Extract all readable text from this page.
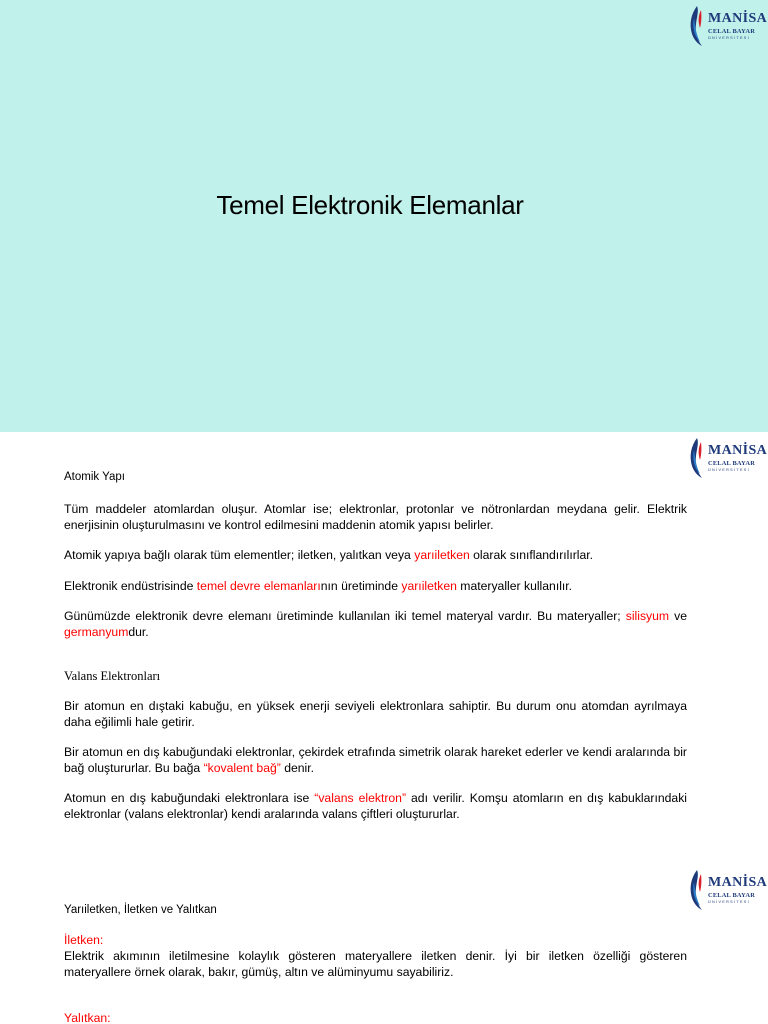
MANİSA
CELAL BAYAR
ÜNİVERSİTESİ
Temel Elektronik Elemanlar
MANİSA
CELAL BAYAR
ÜNİVERSİTESİ

Atomik Yapı

Tüm maddeler atomlardan oluşur. Atomlar ise; elektronlar, protonlar ve nötronlardan meydana gelir. Elektrik enerjisinin oluşturulmasını ve kontrol edilmesini maddenin atomik yapısı belirler.

Atomik yapıya bağlı olarak tüm elementler; iletken, yalıtkan veya yarıiletken olarak sınıflandırılırlar.

Elektronik endüstrisinde temel devre elemanlarının üretiminde yarıiletken materyaller kullanılır.

Günümüzde elektronik devre elemanı üretiminde kullanılan iki temel materyal vardır. Bu materyaller; silisyum ve germanyumdur.

Valans Elektronları

Bir atomun en dıştaki kabuğu, en yüksek enerji seviyeli elektronlara sahiptir. Bu durum onu atomdan ayrılmaya daha eğilimli hale getirir.

Bir atomun en dış kabuğundaki elektronlar, çekirdek etrafında simetrik olarak hareket ederler ve kendi aralarında bir bağ oluştururlar. Bu bağa “kovalent bağ” denir.

Atomun en dış kabuğundaki elektronlara ise “valans elektron” adı verilir. Komşu atomların en dış kabuklarındaki elektronlar (valans elektronlar) kendi aralarında valans çiftleri oluştururlar.

MANİSA
CELAL BAYAR
ÜNİVERSİTESİ

Yarıiletken, İletken ve Yalıtkan

İletken:

Elektrik akımının iletilmesine kolaylık gösteren materyallere iletken denir. İyi bir iletken özelliği gösteren materyallere örnek olarak, bakır, gümüş, altın ve alüminyumu sayabiliriz.

Yalıtkan:
